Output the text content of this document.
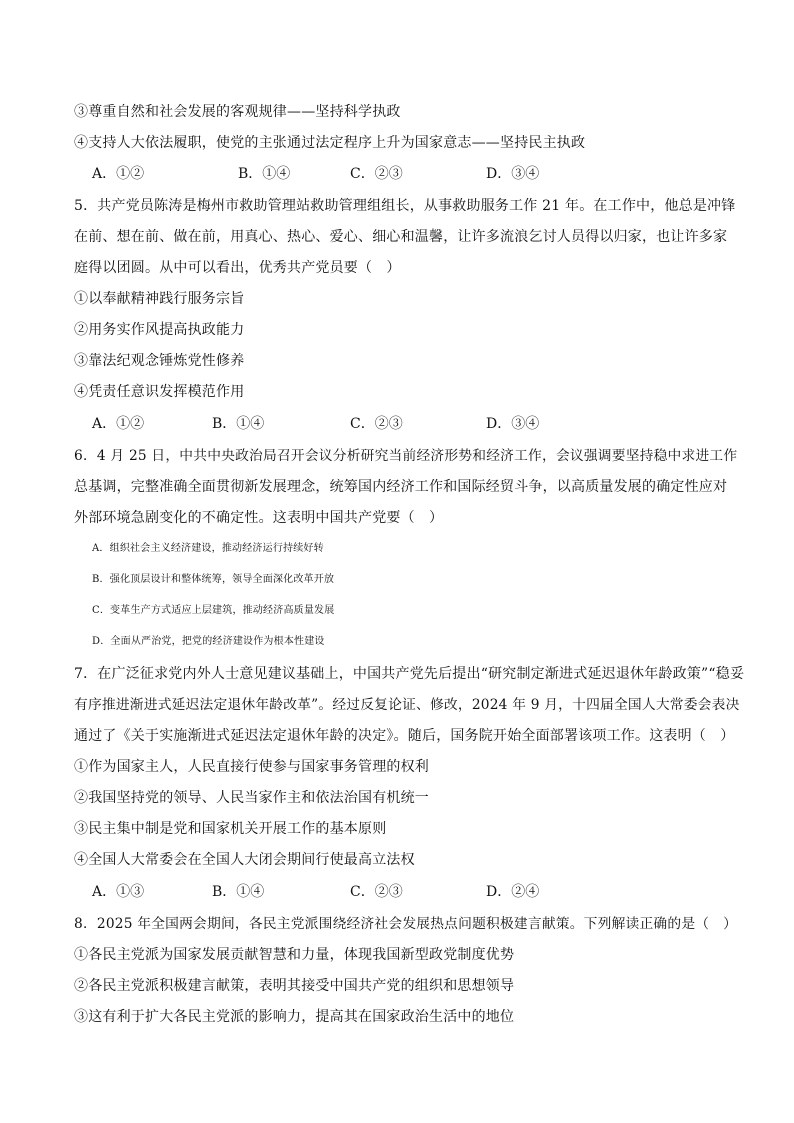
③尊重自然和社会发展的客观规律——坚持科学执政
④支持人大依法履职，使党的主张通过法定程序上升为国家意志——坚持民主执政
A．①②	B．①④	C．②③	D．③④
5．共产党员陈涛是梅州市救助管理站救助管理组组长，从事救助服务工作 21 年。在工作中，他总是冲锋
在前、想在前、做在前，用真心、热心、爱心、细心和温馨，让许多流浪乞讨人员得以归家，也让许多家
庭得以团圆。从中可以看出，优秀共产党员要（　）
①以奉献精神践行服务宗旨
②用务实作风提高执政能力
③靠法纪观念锤炼党性修养
④凭责任意识发挥模范作用
A．①②	B．①④	C．②③	D．③④
6．4 月 25 日，中共中央政治局召开会议分析研究当前经济形势和经济工作，会议强调要坚持稳中求进工作
总基调，完整准确全面贯彻新发展理念，统筹国内经济工作和国际经贸斗争，以高质量发展的确定性应对
外部环境急剧变化的不确定性。这表明中国共产党要（　）
A．组织社会主义经济建设，推动经济运行持续好转
B．强化顶层设计和整体统筹，领导全面深化改革开放
C．变革生产方式适应上层建筑，推动经济高质量发展
D．全面从严治党，把党的经济建设作为根本性建设
7．在广泛征求党内外人士意见建议基础上，中国共产党先后提出“研究制定渐进式延迟退休年龄政策”“稳妥
有序推进渐进式延迟法定退休年龄改革”。经过反复论证、修改，2024 年 9 月，十四届全国人大常委会表决
通过了《关于实施渐进式延迟法定退休年龄的决定》。随后，国务院开始全面部署该项工作。这表明（　）
①作为国家主人，人民直接行使参与国家事务管理的权利
②我国坚持党的领导、人民当家作主和依法治国有机统一
③民主集中制是党和国家机关开展工作的基本原则
④全国人大常委会在全国人大闭会期间行使最高立法权
A．①③	B．①④	C．②③	D．②④
8．2025 年全国两会期间，各民主党派围绕经济社会发展热点问题积极建言献策。下列解读正确的是（　）
①各民主党派为国家发展贡献智慧和力量，体现我国新型政党制度优势
②各民主党派积极建言献策，表明其接受中国共产党的组织和思想领导
③这有利于扩大各民主党派的影响力，提高其在国家政治生活中的地位
